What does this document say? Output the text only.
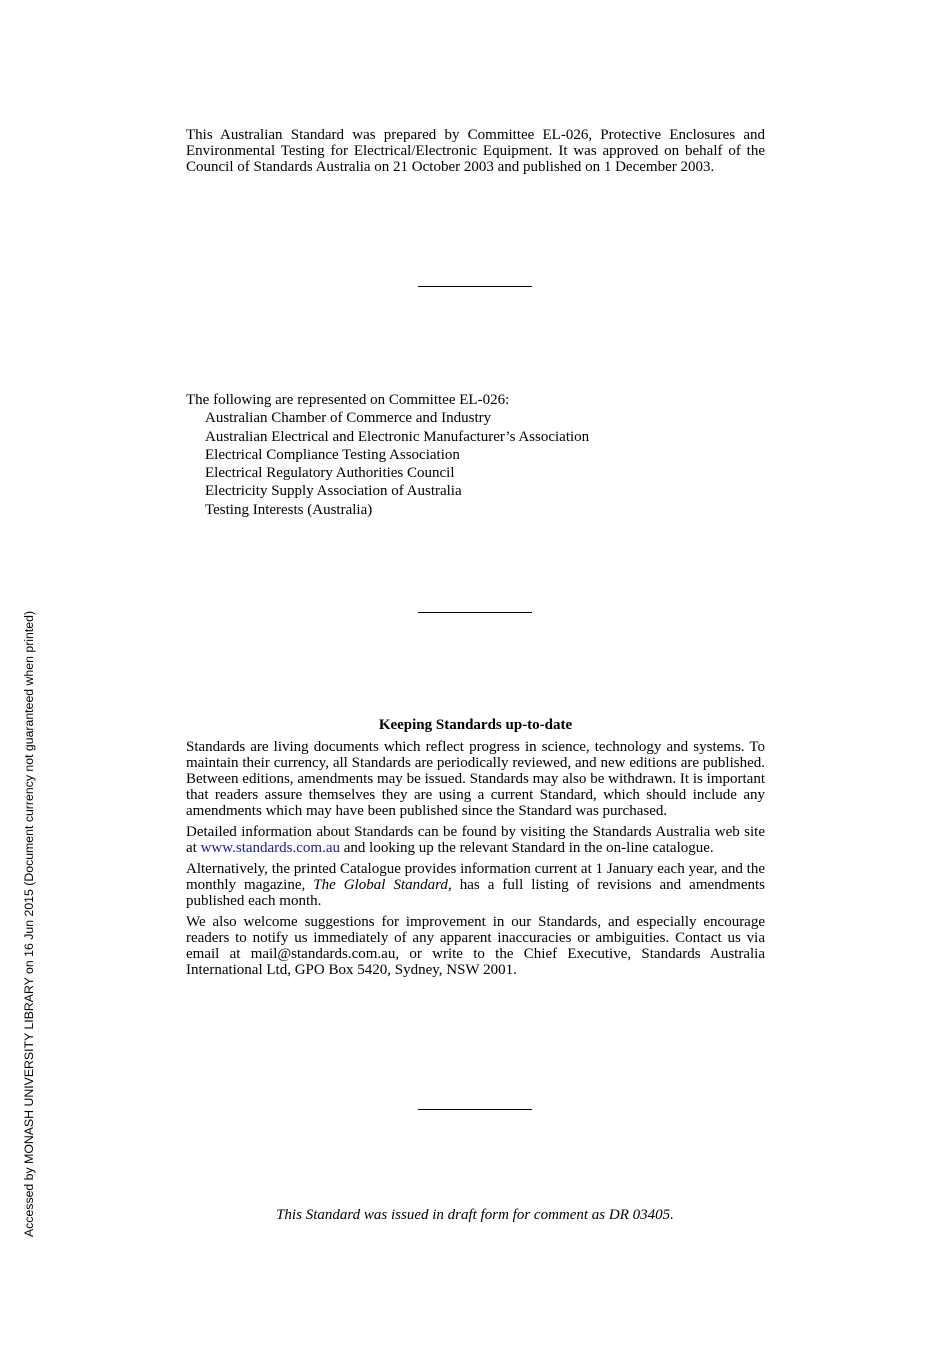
This Australian Standard was prepared by Committee EL-026, Protective Enclosures and Environmental Testing for Electrical/Electronic Equipment. It was approved on behalf of the Council of Standards Australia on 21 October 2003 and published on 1 December 2003.
The following are represented on Committee EL-026:
Australian Chamber of Commerce and Industry
Australian Electrical and Electronic Manufacturer’s Association
Electrical Compliance Testing Association
Electrical Regulatory Authorities Council
Electricity Supply Association of Australia
Testing Interests (Australia)
Keeping Standards up-to-date

Standards are living documents which reflect progress in science, technology and systems. To maintain their currency, all Standards are periodically reviewed, and new editions are published. Between editions, amendments may be issued. Standards may also be withdrawn. It is important that readers assure themselves they are using a current Standard, which should include any amendments which may have been published since the Standard was purchased.

Detailed information about Standards can be found by visiting the Standards Australia web site at www.standards.com.au and looking up the relevant Standard in the on-line catalogue.

Alternatively, the printed Catalogue provides information current at 1 January each year, and the monthly magazine, The Global Standard, has a full listing of revisions and amendments published each month.

We also welcome suggestions for improvement in our Standards, and especially encourage readers to notify us immediately of any apparent inaccuracies or ambiguities. Contact us via email at mail@standards.com.au, or write to the Chief Executive, Standards Australia International Ltd, GPO Box 5420, Sydney, NSW 2001.

This Standard was issued in draft form for comment as DR 03405.
Accessed by MONASH UNIVERSITY LIBRARY on 16 Jun 2015 (Document currency not guaranteed when printed)
